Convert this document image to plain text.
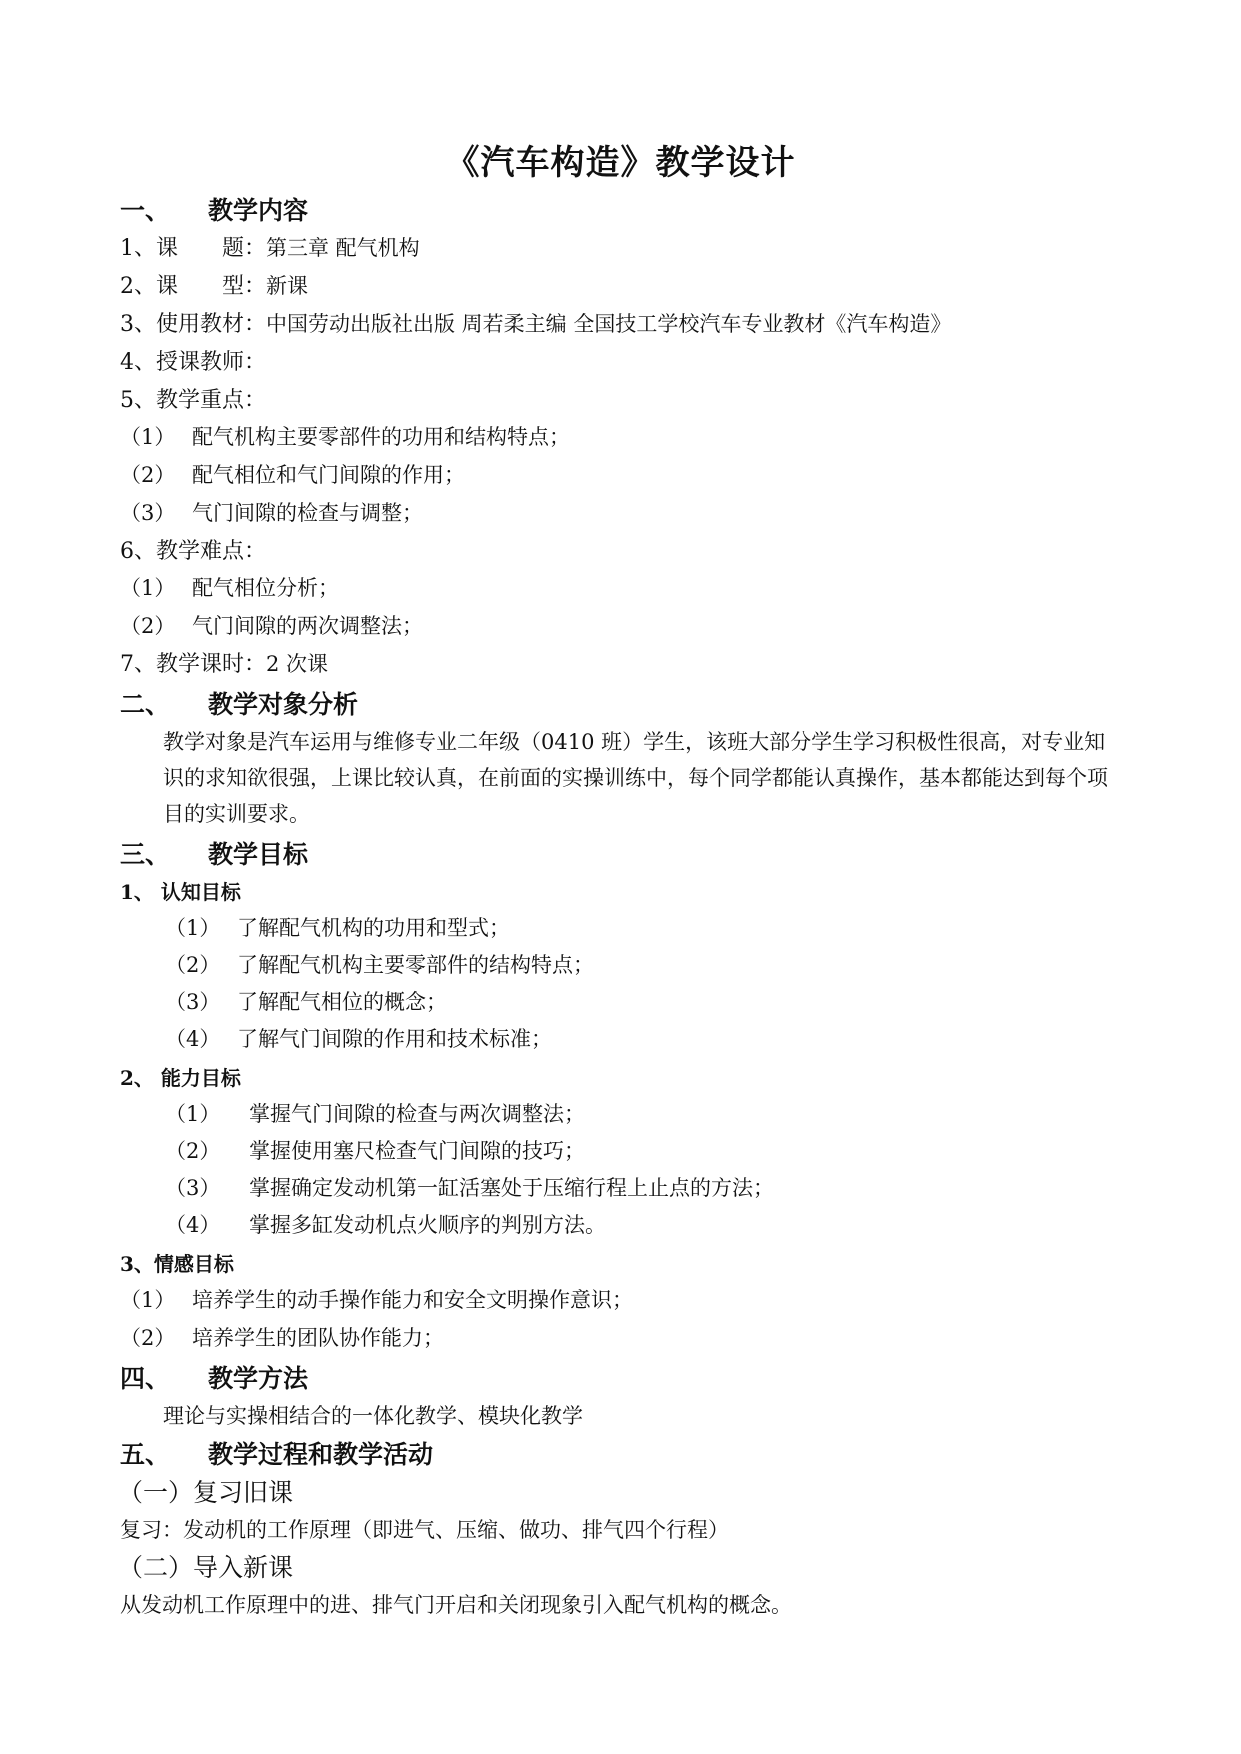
《汽车构造》教学设计
一、 教学内容
1、课　　题：第三章 配气机构
2、课　　型：新课
3、使用教材：中国劳动出版社出版 周若柔主编 全国技工学校汽车专业教材《汽车构造》
4、授课教师：
5、教学重点：
（1） 配气机构主要零部件的功用和结构特点；
（2） 配气相位和气门间隙的作用；
（3） 气门间隙的检查与调整；
6、教学难点：
（1） 配气相位分析；
（2） 气门间隙的两次调整法；
7、教学课时：2 次课
二、 教学对象分析
教学对象是汽车运用与维修专业二年级（0410 班）学生，该班大部分学生学习积极性很高，对专业知识的求知欲很强，上课比较认真，在前面的实操训练中，每个同学都能认真操作，基本都能达到每个项目的实训要求。
三、 教学目标
1、 认知目标
（1） 了解配气机构的功用和型式；
（2） 了解配气机构主要零部件的结构特点；
（3） 了解配气相位的概念；
（4） 了解气门间隙的作用和技术标准；
2、 能力目标
（1） 掌握气门间隙的检查与两次调整法；
（2） 掌握使用塞尺检查气门间隙的技巧；
（3） 掌握确定发动机第一缸活塞处于压缩行程上止点的方法；
（4） 掌握多缸发动机点火顺序的判别方法。
3、情感目标
（1） 培养学生的动手操作能力和安全文明操作意识；
（2） 培养学生的团队协作能力；
四、 教学方法
理论与实操相结合的一体化教学、模块化教学
五、 教学过程和教学活动
（一）复习旧课
复习：发动机的工作原理（即进气、压缩、做功、排气四个行程）
（二）导入新课
从发动机工作原理中的进、排气门开启和关闭现象引入配气机构的概念。
